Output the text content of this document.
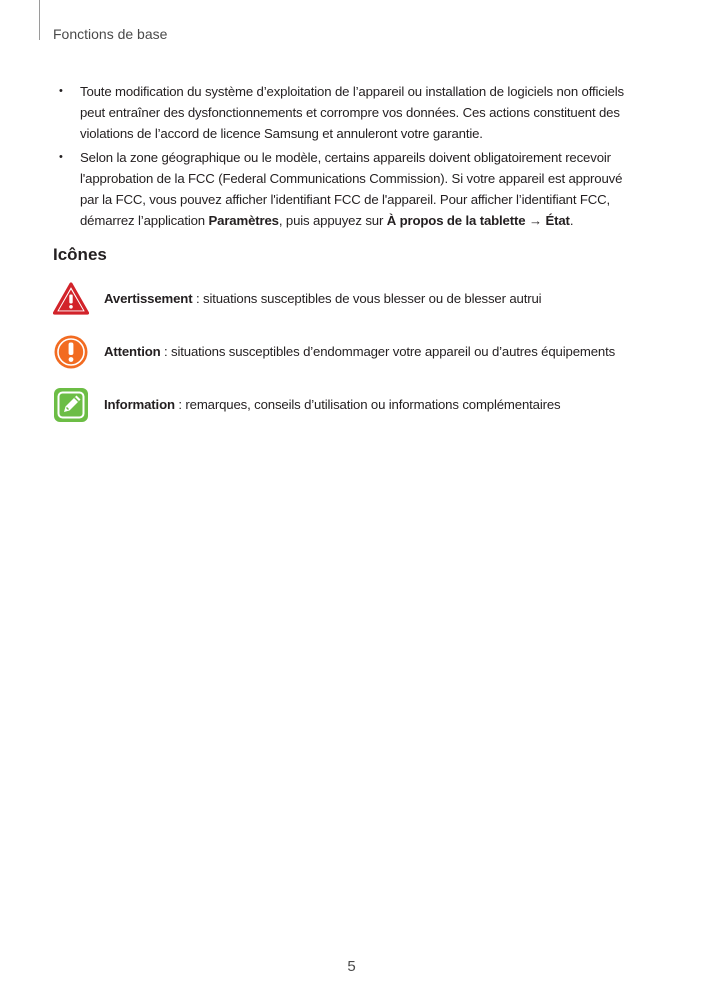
Fonctions de base
• Toute modification du système d’exploitation de l’appareil ou installation de logiciels non officiels peut entraîner des dysfonctionnements et corrompre vos données. Ces actions constituent des violations de l’accord de licence Samsung et annuleront votre garantie.
• Selon la zone géographique ou le modèle, certains appareils doivent obligatoirement recevoir l'approbation de la FCC (Federal Communications Commission). Si votre appareil est approuvé par la FCC, vous pouvez afficher l'identifiant FCC de l'appareil. Pour afficher l’identifiant FCC, démarrez l’application Paramètres, puis appuyez sur À propos de la tablette → État.
Icônes
Avertissement : situations susceptibles de vous blesser ou de blesser autrui
Attention : situations susceptibles d’endommager votre appareil ou d’autres équipements
Information : remarques, conseils d’utilisation ou informations complémentaires
5
